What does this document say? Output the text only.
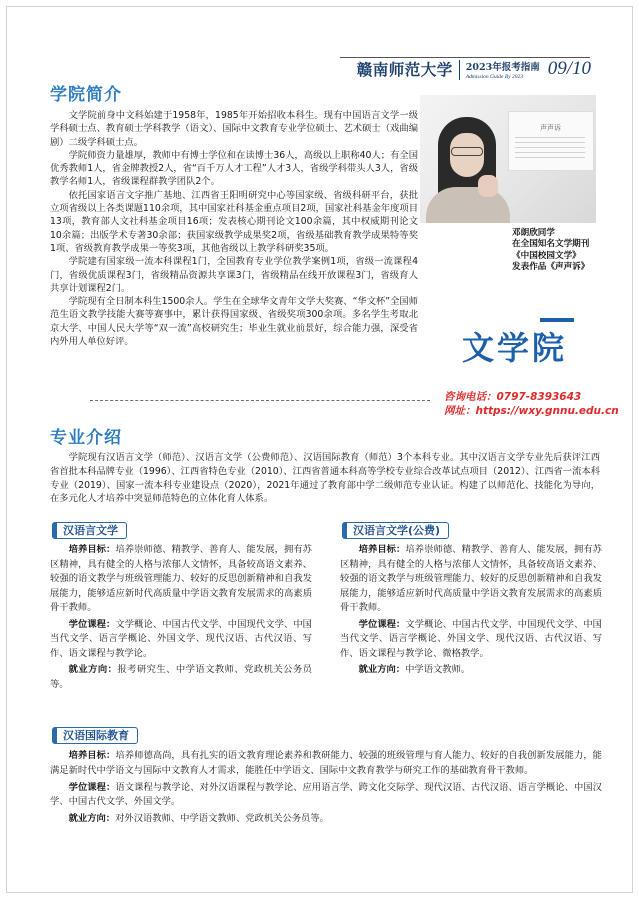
赣南师范大学 2023年报考指南
Admission Guide By 2023	09/10
学院简介

文学院前身中文科始建于1958年，1985年开始招收本科生。现有中国语言文学一级学科硕士点、教育硕士学科教学（语文）、国际中文教育专业学位硕士、艺术硕士（戏曲编剧）二级学科硕士点。

学院师资力量雄厚，教师中有博士学位和在读博士36人，高级以上职称40人；有全国优秀教师1人，省金牌教授2人，省“百千万人才工程”人才3人，省级学科带头人3人，省级教学名师1人，省级课程群教学团队2个。

依托国家语言文字推广基地、江西省王阳明研究中心等国家级、省级科研平台，获批立项省级以上各类课题110余项，其中国家社科基金重点项目2项，国家社科基金年度项目13项，教育部人文社科基金项目16项；发表核心期刊论文100余篇，其中权威期刊论文10余篇；出版学术专著30余部；获国家级教学成果奖2项，省级基础教育教学成果特等奖1项、省级教育教学成果一等奖3项，其他省级以上教学科研奖35项。

学院建有国家级一流本科课程1门，全国教育专业学位教学案例1项，省级一流课程4门，省级优质课程3门，省级精品资源共享课3门，省级精品在线开放课程3门，省级育人共享计划课程2门。

学院现有全日制本科生1500余人。学生在全球华文青年文学大奖赛、“华文杯”全国师范生语文教学技能大赛等赛事中，累计获得国家级、省级奖项300余项。多名学生考取北京大学、中国人民大学等“双一流”高校研究生；毕业生就业前景好，综合能力强，深受省内外用人单位好评。

声声诉
邓朗欣同学
在全国知名文学期刊
《中国校园文学》
发表作品《声声诉》
文学院
咨询电话：0797-8393643
网址：https://wxy.gnnu.edu.cn
专业介绍

学院现有汉语言文学（师范）、汉语言文学（公费师范）、汉语国际教育（师范）3个本科专业。其中汉语言文学专业先后获评江西省首批本科品牌专业（1996）、江西省特色专业（2010）、江西省普通本科高等学校专业综合改革试点项目（2012）、江西省一流本科专业（2019）、国家一流本科专业建设点（2020），2021年通过了教育部中学二级师范专业认证。构建了以师范化、技能化为导向，在多元化人才培养中突显师范特色的立体化育人体系。

汉语言文学

培养目标：培养崇师德、精教学、善育人、能发展，拥有苏区精神，具有健全的人格与浓郁人文情怀，具备较高语文素养、较强的语文教学与班级管理能力、较好的反思创新精神和自我发展能力，能够适应新时代高质量中学语文教育发展需求的高素质骨干教师。

学位课程：文学概论、中国古代文学、中国现代文学、中国当代文学、语言学概论、外国文学、现代汉语、古代汉语、写作、语文课程与教学论。

就业方向：报考研究生、中学语文教师、党政机关公务员等。

汉语言文学(公费)

培养目标：培养崇师德、精教学、善育人、能发展，拥有苏区精神，具有健全的人格与浓郁人文情怀，具备较高语文素养、较强的语文教学与班级管理能力、较好的反思创新精神和自我发展能力，能够适应新时代高质量中学语文教育发展需求的高素质骨干教师。

学位课程：文学概论、中国古代文学、中国现代文学、中国当代文学、语言学概论、外国文学、现代汉语、古代汉语、写作、语文课程与教学论、微格教学。

就业方向：中学语文教师。

汉语国际教育

培养目标：培养师德高尚，具有扎实的语文教育理论素养和教研能力、较强的班级管理与育人能力、较好的自我创新发展能力，能满足新时代中学语文与国际中文教育人才需求，能胜任中学语文、国际中文教育教学与研究工作的基础教育骨干教师。

学位课程：语文课程与教学论、对外汉语课程与教学论、应用语言学、跨文化交际学、现代汉语、古代汉语、语言学概论、中国汉学、中国古代文学、外国文学。

就业方向：对外汉语教师、中学语文教师、党政机关公务员等。
